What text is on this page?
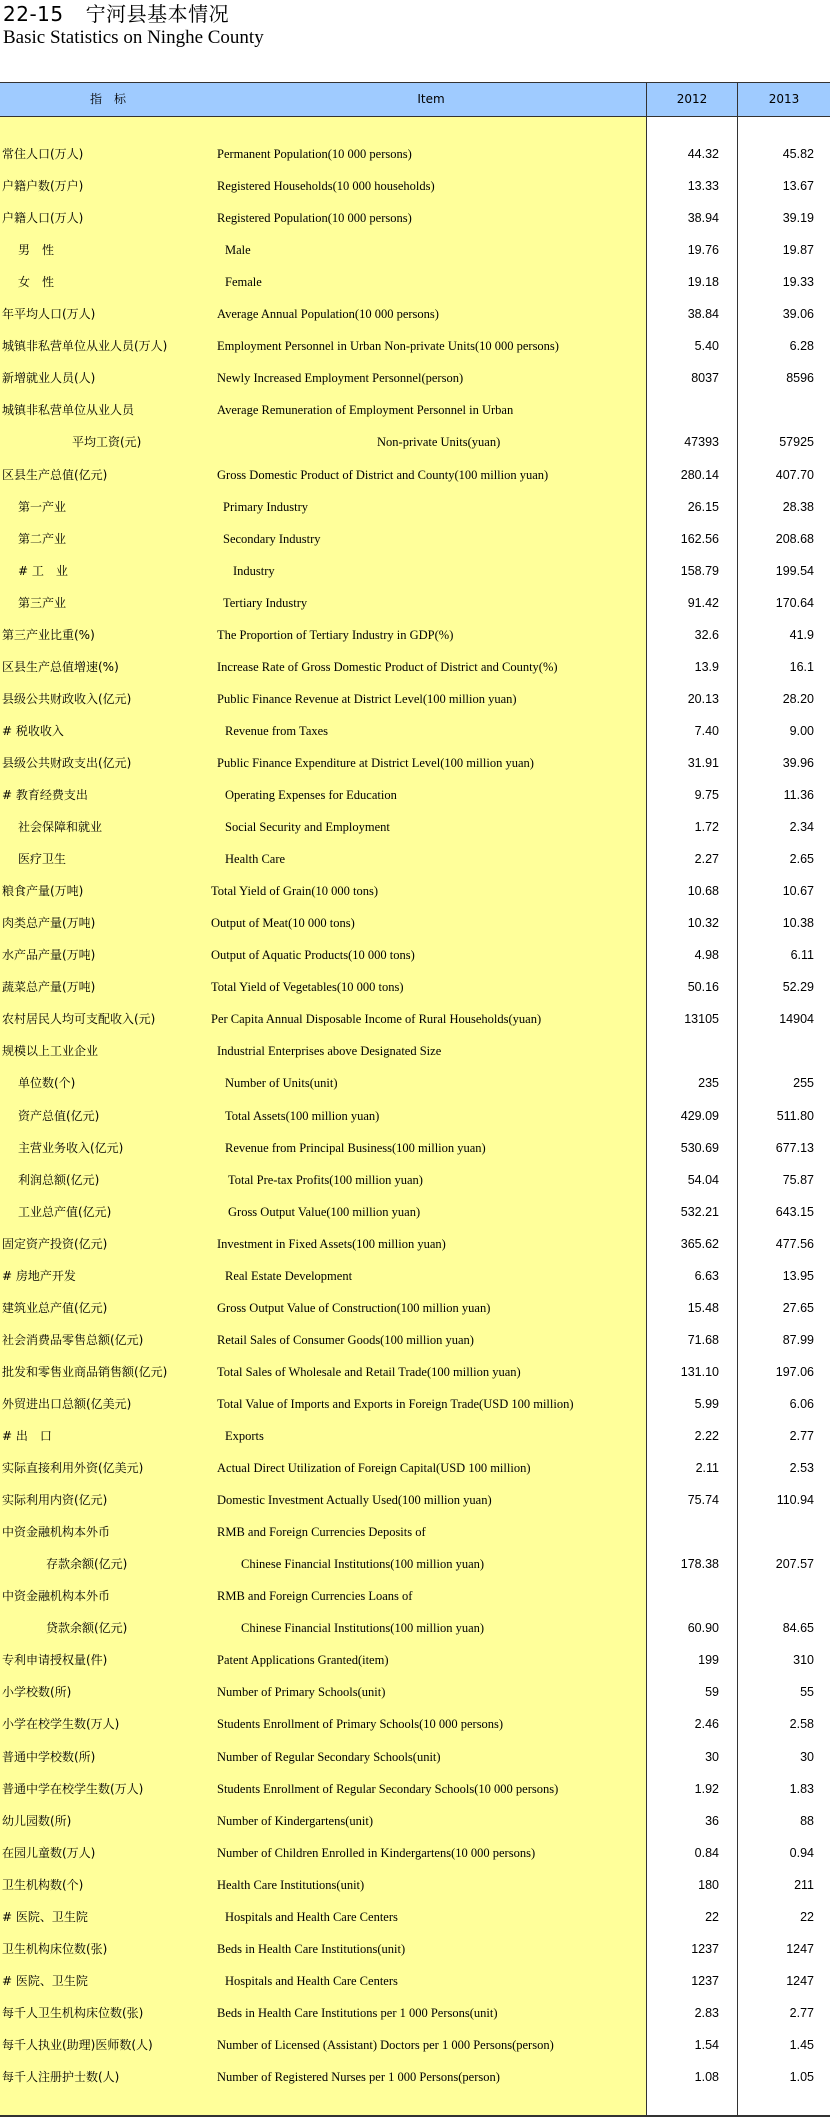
22-15 宁河县基本情况
Basic Statistics on Ninghe County
指　标	Item	2012	2013
常住人口(万人)	Permanent Population(10 000 persons)	44.32	45.82
户籍户数(万户)	Registered Households(10 000 households)	13.33	13.67
户籍人口(万人)	Registered Population(10 000 persons)	38.94	39.19
男　性	Male	19.76	19.87
女　性	Female	19.18	19.33
年平均人口(万人)	Average Annual Population(10 000 persons)	38.84	39.06
城镇非私营单位从业人员(万人)	Employment Personnel in Urban Non-private Units(10 000 persons)	5.40	6.28
新增就业人员(人)	Newly Increased Employment Personnel(person)	8037	8596
城镇非私营单位从业人员	Average Remuneration of Employment Personnel in Urban
平均工资(元)	Non-private Units(yuan)	47393	57925
区县生产总值(亿元)	Gross Domestic Product of District and County(100 million yuan)	280.14	407.70
第一产业	Primary Industry	26.15	28.38
第二产业	Secondary Industry	162.56	208.68
# 工　业	Industry	158.79	199.54
第三产业	Tertiary Industry	91.42	170.64
第三产业比重(%)	The Proportion of Tertiary Industry in GDP(%)	32.6	41.9
区县生产总值增速(%)	Increase Rate of Gross Domestic Product of District and County(%)	13.9	16.1
县级公共财政收入(亿元)	Public Finance Revenue at District Level(100 million yuan)	20.13	28.20
# 税收收入	Revenue from Taxes	7.40	9.00
县级公共财政支出(亿元)	Public Finance Expenditure at District Level(100 million yuan)	31.91	39.96
# 教育经费支出	Operating Expenses for Education	9.75	11.36
社会保障和就业	Social Security and Employment	1.72	2.34
医疗卫生	Health Care	2.27	2.65
粮食产量(万吨)	Total Yield of Grain(10 000 tons)	10.68	10.67
肉类总产量(万吨)	Output of Meat(10 000 tons)	10.32	10.38
水产品产量(万吨)	Output of Aquatic Products(10 000 tons)	4.98	6.11
蔬菜总产量(万吨)	Total Yield of Vegetables(10 000 tons)	50.16	52.29
农村居民人均可支配收入(元)	Per Capita Annual Disposable Income of Rural Households(yuan)	13105	14904
规模以上工业企业	Industrial Enterprises above Designated Size
单位数(个)	Number of Units(unit)	235	255
资产总值(亿元)	Total Assets(100 million yuan)	429.09	511.80
主营业务收入(亿元)	Revenue from Principal Business(100 million yuan)	530.69	677.13
利润总额(亿元)	Total Pre-tax Profits(100 million yuan)	54.04	75.87
工业总产值(亿元)	Gross Output Value(100 million yuan)	532.21	643.15
固定资产投资(亿元)	Investment in Fixed Assets(100 million yuan)	365.62	477.56
# 房地产开发	Real Estate Development	6.63	13.95
建筑业总产值(亿元)	Gross Output Value of Construction(100 million yuan)	15.48	27.65
社会消费品零售总额(亿元)	Retail Sales of Consumer Goods(100 million yuan)	71.68	87.99
批发和零售业商品销售额(亿元)	Total Sales of Wholesale and Retail Trade(100 million yuan)	131.10	197.06
外贸进出口总额(亿美元)	Total Value of Imports and Exports in Foreign Trade(USD 100 million)	5.99	6.06
# 出　口	Exports	2.22	2.77
实际直接利用外资(亿美元)	Actual Direct Utilization of Foreign Capital(USD 100 million)	2.11	2.53
实际利用内资(亿元)	Domestic Investment Actually Used(100 million yuan)	75.74	110.94
中资金融机构本外币	RMB and Foreign Currencies Deposits of
存款余额(亿元)	Chinese Financial Institutions(100 million yuan)	178.38	207.57
中资金融机构本外币	RMB and Foreign Currencies Loans of
贷款余额(亿元)	Chinese Financial Institutions(100 million yuan)	60.90	84.65
专利申请授权量(件)	Patent Applications Granted(item)	199	310
小学校数(所)	Number of Primary Schools(unit)	59	55
小学在校学生数(万人)	Students Enrollment of Primary Schools(10 000 persons)	2.46	2.58
普通中学校数(所)	Number of Regular Secondary Schools(unit)	30	30
普通中学在校学生数(万人)	Students Enrollment of Regular Secondary Schools(10 000 persons)	1.92	1.83
幼儿园数(所)	Number of Kindergartens(unit)	36	88
在园儿童数(万人)	Number of Children Enrolled in Kindergartens(10 000 persons)	0.84	0.94
卫生机构数(个)	Health Care Institutions(unit)	180	211
# 医院、卫生院	Hospitals and Health Care Centers	22	22
卫生机构床位数(张)	Beds in Health Care Institutions(unit)	1237	1247
# 医院、卫生院	Hospitals and Health Care Centers	1237	1247
每千人卫生机构床位数(张)	Beds in Health Care Institutions per 1 000 Persons(unit)	2.83	2.77
每千人执业(助理)医师数(人)	Number of Licensed (Assistant) Doctors per 1 000 Persons(person)	1.54	1.45
每千人注册护士数(人)	Number of Registered Nurses per 1 000 Persons(person)	1.08	1.05
